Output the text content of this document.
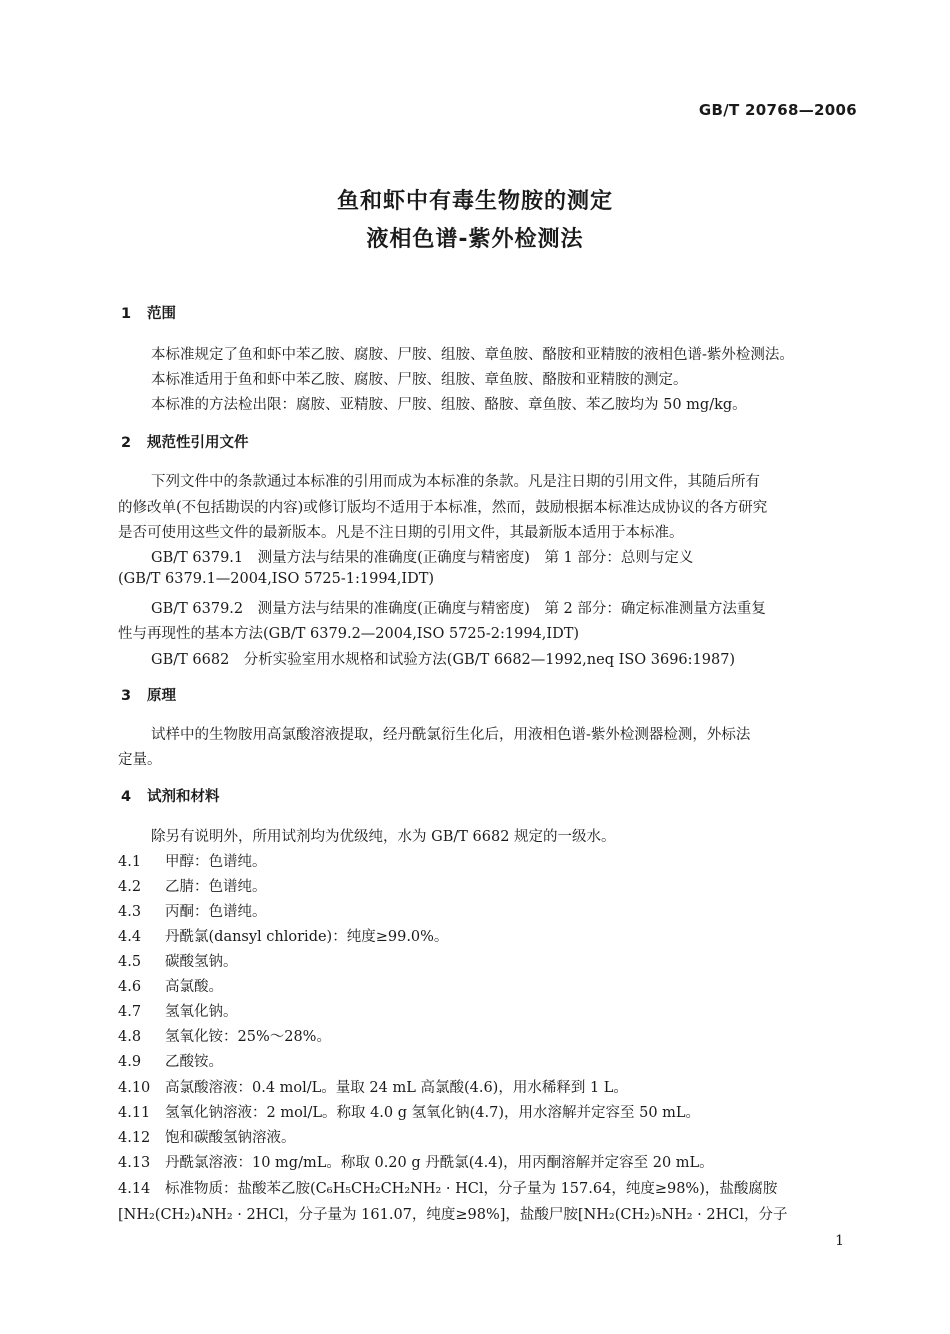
GB/T 20768—2006
鱼和虾中有毒生物胺的测定
液相色谱-紫外检测法
1 范围
本标准规定了鱼和虾中苯乙胺、腐胺、尸胺、组胺、章鱼胺、酪胺和亚精胺的液相色谱-紫外检测法。
本标准适用于鱼和虾中苯乙胺、腐胺、尸胺、组胺、章鱼胺、酪胺和亚精胺的测定。
本标准的方法检出限：腐胺、亚精胺、尸胺、组胺、酪胺、章鱼胺、苯乙胺均为 50 mg/kg。
2 规范性引用文件
下列文件中的条款通过本标准的引用而成为本标准的条款。凡是注日期的引用文件，其随后所有
的修改单(不包括勘误的内容)或修订版均不适用于本标准，然而，鼓励根据本标准达成协议的各方研究
是否可使用这些文件的最新版本。凡是不注日期的引用文件，其最新版本适用于本标准。
GB/T 6379.1　测量方法与结果的准确度(正确度与精密度)　第 1 部分：总则与定义
(GB/T 6379.1—2004,ISO 5725-1:1994,IDT)
GB/T 6379.2　测量方法与结果的准确度(正确度与精密度)　第 2 部分：确定标准测量方法重复
性与再现性的基本方法(GB/T 6379.2—2004,ISO 5725-2:1994,IDT)
GB/T 6682　分析实验室用水规格和试验方法(GB/T 6682—1992,neq ISO 3696:1987)
3 原理
试样中的生物胺用高氯酸溶液提取，经丹酰氯衍生化后，用液相色谱-紫外检测器检测，外标法
定量。
4 试剂和材料
除另有说明外，所用试剂均为优级纯，水为 GB/T 6682 规定的一级水。
4.1 甲醇：色谱纯。
4.2 乙腈：色谱纯。
4.3 丙酮：色谱纯。
4.4 丹酰氯(dansyl chloride)：纯度≥99.0%。
4.5 碳酸氢钠。
4.6 高氯酸。
4.7 氢氧化钠。
4.8 氢氧化铵：25%～28%。
4.9 乙酸铵。
4.10 高氯酸溶液：0.4 mol/L。量取 24 mL 高氯酸(4.6)，用水稀释到 1 L。
4.11 氢氧化钠溶液：2 mol/L。称取 4.0 g 氢氧化钠(4.7)，用水溶解并定容至 50 mL。
4.12 饱和碳酸氢钠溶液。
4.13 丹酰氯溶液：10 mg/mL。称取 0.20 g 丹酰氯(4.4)，用丙酮溶解并定容至 20 mL。
4.14 标准物质：盐酸苯乙胺(C₆H₅CH₂CH₂NH₂ · HCl，分子量为 157.64，纯度≥98%)，盐酸腐胺
[NH₂(CH₂)₄NH₂ · 2HCl，分子量为 161.07，纯度≥98%]，盐酸尸胺[NH₂(CH₂)₅NH₂ · 2HCl，分子
1
